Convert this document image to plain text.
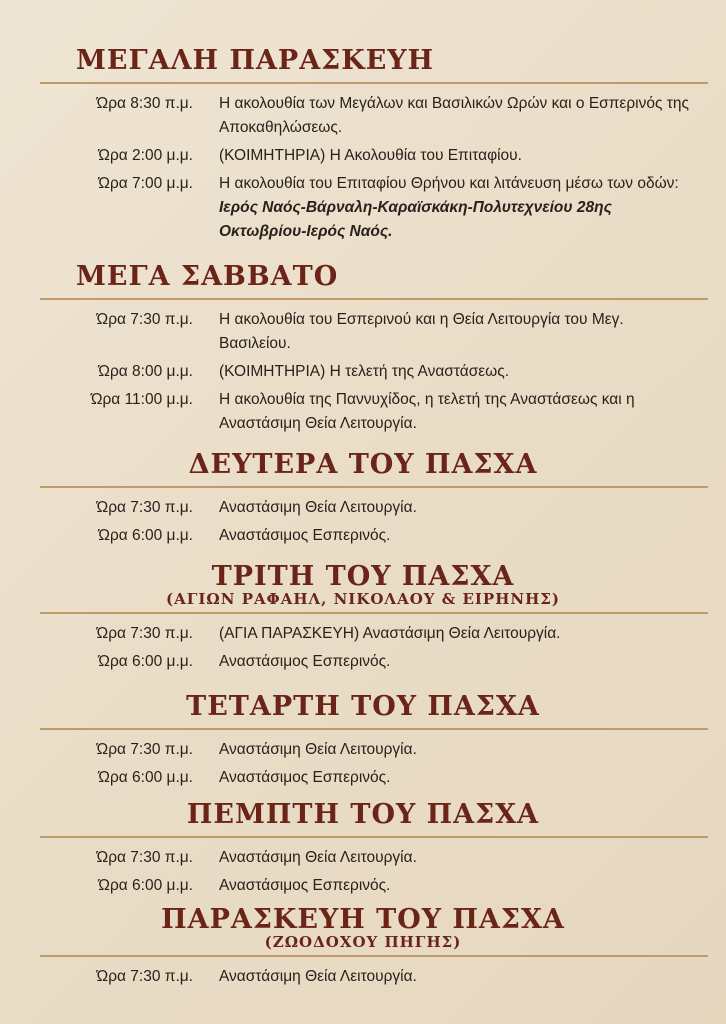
ΜΕΓΑΛΗ ΠΑΡΑΣΚΕΥΗ
Ώρα 8:30 π.μ. Η ακολουθία των Μεγάλων και Βασιλικών Ωρών και ο Εσπερινός της Αποκαθηλώσεως.
Ώρα 2:00 μ.μ. (ΚΟΙΜΗΤΗΡΙΑ) Η Ακολουθία του Επιταφίου.
Ώρα 7:00 μ.μ. Η ακολουθία του Επιταφίου Θρήνου και λιτάνευση μέσω των οδών: Ιερός Ναός-Βάρναλη-Καραϊσκάκη-Πολυτεχνείου 28ης Οκτωβρίου-Ιερός Ναός.
ΜΕΓΑ ΣΑΒΒΑΤΟ
Ώρα 7:30 π.μ. Η ακολουθία του Εσπερινού και η Θεία Λειτουργία του Μεγ. Βασιλείου.
Ώρα 8:00 μ.μ. (ΚΟΙΜΗΤΗΡΙΑ) Η τελετή της Αναστάσεως.
Ώρα 11:00 μ.μ. Η ακολουθία της Παννυχίδος, η τελετή της Αναστάσεως και η Αναστάσιμη Θεία Λειτουργία.
ΔΕΥΤΕΡΑ ΤΟΥ ΠΑΣΧΑ
Ώρα 7:30 π.μ. Αναστάσιμη Θεία Λειτουργία.
Ώρα 6:00 μ.μ. Αναστάσιμος Εσπερινός.
ΤΡΙΤΗ ΤΟΥ ΠΑΣΧΑ
(ΑΓΙΩΝ ΡΑΦΑΗΛ, ΝΙΚΟΛΑΟΥ & ΕΙΡΗΝΗΣ)
Ώρα 7:30 π.μ. (ΑΓΙΑ ΠΑΡΑΣΚΕΥΗ) Αναστάσιμη Θεία Λειτουργία.
Ώρα 6:00 μ.μ. Αναστάσιμος Εσπερινός.
ΤΕΤΑΡΤΗ ΤΟΥ ΠΑΣΧΑ
Ώρα 7:30 π.μ. Αναστάσιμη Θεία Λειτουργία.
Ώρα 6:00 μ.μ. Αναστάσιμος Εσπερινός.
ΠΕΜΠΤΗ ΤΟΥ ΠΑΣΧΑ
Ώρα 7:30 π.μ. Αναστάσιμη Θεία Λειτουργία.
Ώρα 6:00 μ.μ. Αναστάσιμος Εσπερινός.
ΠΑΡΑΣΚΕΥΗ ΤΟΥ ΠΑΣΧΑ
(ΖΩΟΔΟΧΟΥ ΠΗΓΗΣ)
Ώρα 7:30 π.μ. Αναστάσιμη Θεία Λειτουργία.
